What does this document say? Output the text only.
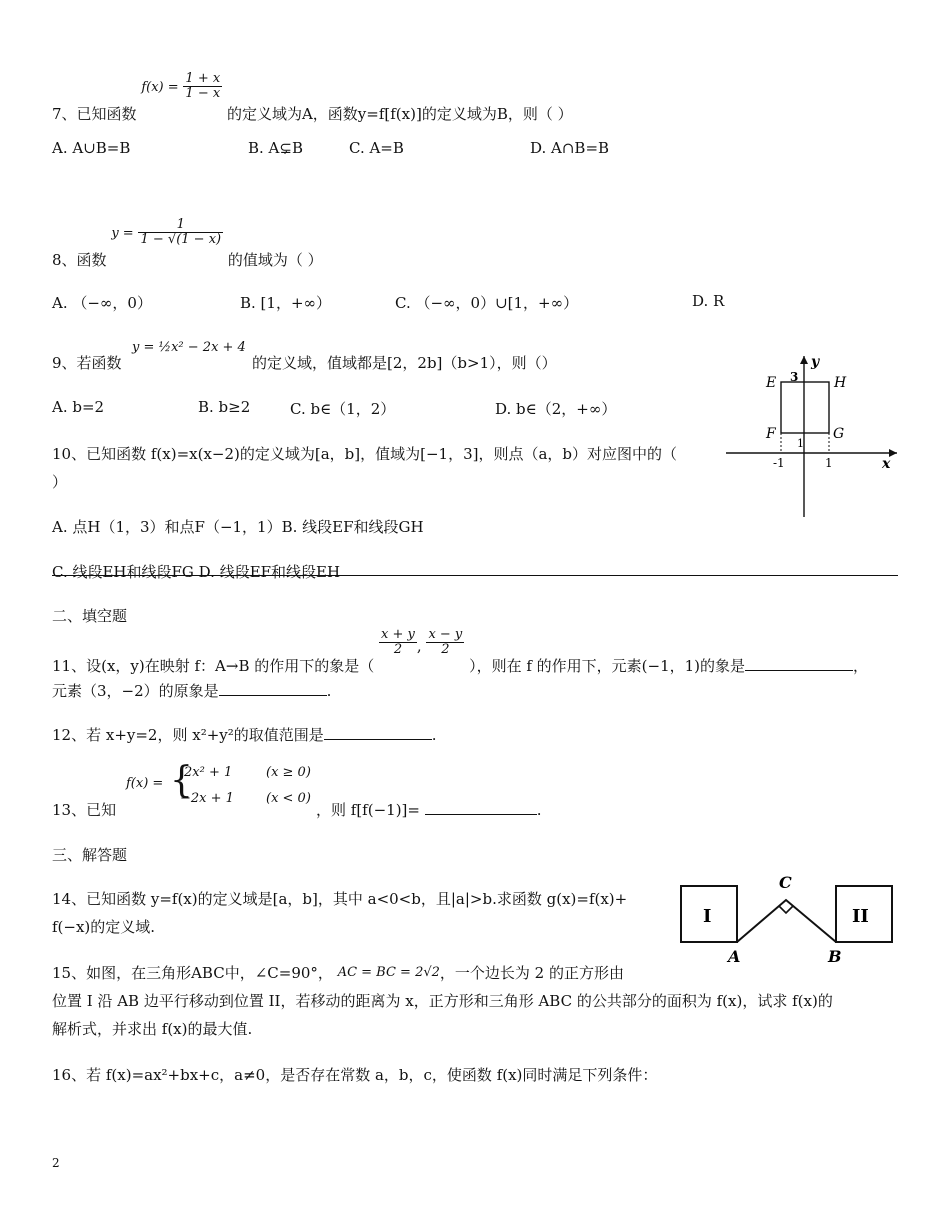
7、已知函数 $f(x) = \frac{1 + x}{1 - x}$
的定义域为A，函数y=f[f(x)]的定义域为B，则（ ）
A. A∪B=B	B. A⊊B	C. A=B	D. A∩B=B
8、函数 $y = \frac{1}{1 - √(1 - x)}$
的值域为（ ）
A. （−∞，0）	B. [1，+∞）	C. （−∞，0）∪[1，+∞）	D. R
9、若函数
y = ½x² − 2x + 4
的定义域，值域都是[2，2b]（b>1），则（）
A. b=2	B. b≥2	C. b∈（1，2）	D. b∈（2，+∞）
10、已知函数 f(x)=x(x−2)的定义域为[a，b]，值域为[−1，3]，则点（a，b）对应图中的（
）
A. 点H（1，3）和点F（−1，1）B. 线段EF和线段GH
C. 线段EH和线段FG D. 线段EF和线段EH
E	H
F	G
y
x
3
1
-1	1
二、填空题
11、设(x，y)在映射 f：A→B 的作用下的象是（
$\frac{x + y}{2}$ , $\frac{x - y}{2}$
），则在 f 的作用下，元素(−1，1)的象是	，
元素（3，−2）的原象是	.
12、若 x+y=2，则 x²+y²的取值范围是	.
13、已知
f(x) = {
2x² + 1	(x ≥ 0)
−2x + 1 (x < 0)
，则 f[f(−1)]=	.
三、解答题
14、已知函数 y=f(x)的定义域是[a，b]，其中 a<0<b，且|a|>b.求函数 g(x)=f(x)+
f(−x)的定义域.
15、如图，在三角形ABC中，∠C=90°， AC = BC = 2√2，一个边长为 2 的正方形由
位置 I 沿 AB 边平行移动到位置 II，若移动的距离为 x，正方形和三角形 ABC 的公共部分的面积为 f(x)，试求 f(x)的
解析式，并求出 f(x)的最大值.
I	II
A	B
C
16、若 f(x)=ax²+bx+c，a≠0，是否存在常数 a，b，c，使函数 f(x)同时满足下列条件：
2
